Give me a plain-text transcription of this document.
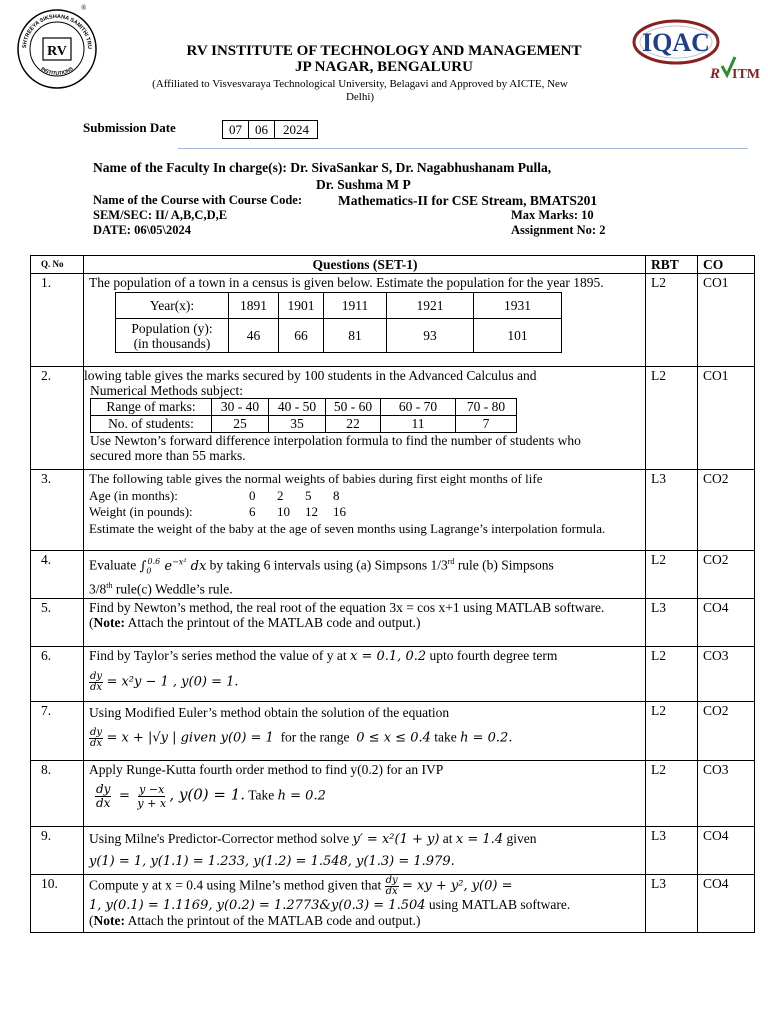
®
SHTREEYA SIKSHANA SAMITHI TRU
INSTITUTIONS
RV	RV INSTITUTE OF TECHNOLOGY AND MANAGEMENT
JP NAGAR, BENGALURU
(Affiliated to Visvesvaraya Technological University, Belagavi and Approved by AICTE, New
Delhi)
IQAC
R ITM
Submission Date	07	06	2024
Name of the Faculty In charge(s): Dr. SivaSankar S, Dr. Nagabhushanam Pulla,
Dr. Sushma M P
Name of the Course with Course Code:	Mathematics-II for CSE Stream, BMATS201
SEM/SEC: II/ A,B,C,D,E	Max Marks: 10
DATE: 06\05\2024	Assignment No: 2
Q. No	Questions (SET-1)	RBT	CO
1.	The population of a town in a census is given below. Estimate the population for the year 1895.
Year(x):	1891	1901	1911	1921	1931

Population (y):
(in thousands)	46	66	81	93	101
	L2	CO1
2.	lowing table gives the marks secured by 100 students in the Advanced Calculus and
Numerical Methods subject:
Range of marks:	30 - 40	40 - 50	50 - 60	60 - 70	70 - 80
No. of students:	25	35	22	11	7
Use Newton’s forward difference interpolation formula to find the number of students who secured more than 55 marks.
	L2	CO1
3.	The following table gives the normal weights of babies during first eight months of life
Age (in months):	0	2	5	8
Weight (in pounds):	6	10	12	16
Estimate the weight of the baby at the age of seven months using Lagrange’s interpolation formula.
	L3	CO2
4.	Evaluate $\int_0^{0.6}$ $e^{-x^2}$ dx by taking 6 intervals using (a) Simpsons 1/3rd rule (b) Simpsons
3/8th rule(c) Weddle’s rule.
	L2	CO2
5.	Find by Newton’s method, the real root of the equation 3x = cos x+1 using MATLAB software.
(Note: Attach the printout of the MATLAB code and output.)
	L3	CO4
6.	Find by Taylor’s series method the value of y at x = 0.1, 0.2 upto fourth degree term
$\frac{dy}{dx} = x^2y - 1$ , y(0) = 1.
	L2	CO3
7.	Using Modified Euler’s method obtain the solution of the equation
$\frac{dy}{dx} = x + |√y$ | given y(0) = 1 for the range 0 ≤ x ≤ 0.4 take h = 0.2.
	L2	CO2
8.	Apply Runge-Kutta fourth order method to find y(0.2) for an IVP
$\frac{dy}{dx} = \frac{y -x}{y + x}$ , y(0) = 1. Take h = 0.2
	L2	CO3
9.	Using Milne's Predictor-Corrector method solve y′ = x²(1 + y) at x = 1.4 given
y(1) = 1, y(1.1) = 1.233, y(1.2) = 1.548, y(1.3) = 1.979.
	L3	CO4
10.	Compute y at x = 0.4 using Milne’s method given that $\frac{dy}{dx}$ = xy + y², y(0) =
1, y(0.1) = 1.1169, y(0.2) = 1.2773&y(0.3) = 1.504 using MATLAB software.
(Note: Attach the printout of the MATLAB code and output.)
	L3	CO4
